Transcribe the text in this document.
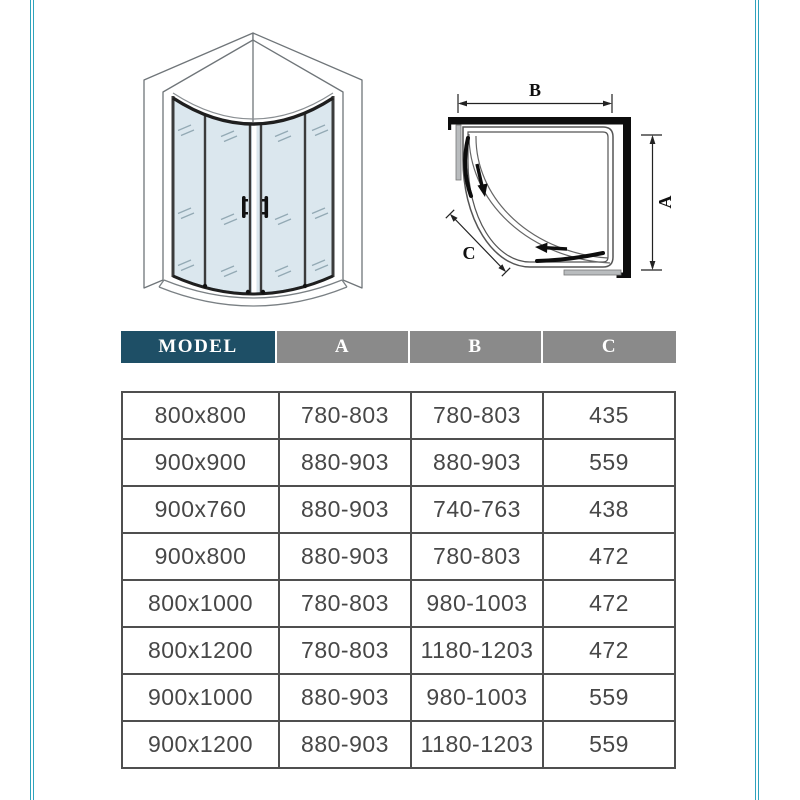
B
A
C
MODEL	A	B	C
800x800	780-803	780-803	435
900x900	880-903	880-903	559
900x760	880-903	740-763	438
900x800	880-903	780-803	472
800x1000	780-803	980-1003	472
800x1200	780-803	1180-1203	472
900x1000	880-903	980-1003	559
900x1200	880-903	1180-1203	559
